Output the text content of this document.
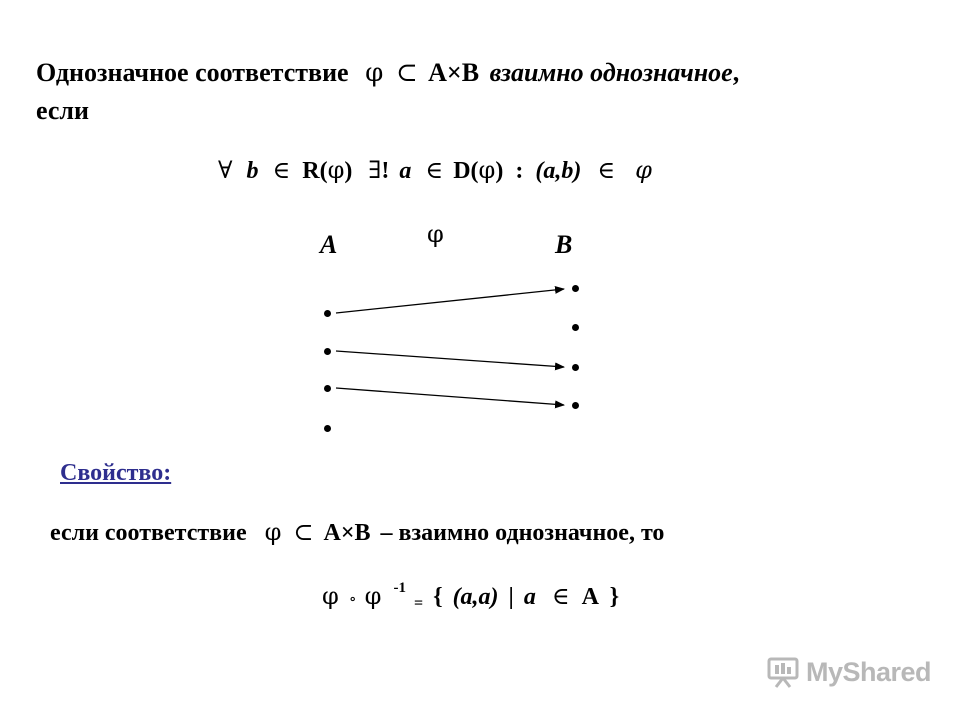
Однозначное соответствие φ ⊂ A×B взаимно однозначное,
если
∀ b ∈ R(φ) ∃! a ∈ D(φ) : (a,b) ∈ φ
A	φ	B
Свойство:
если соответствие φ ⊂ A×B – взаимно однозначное, то
φ ∘ φ $^{-1}$ = { (a,a) | a ∈ A }
MyShared
